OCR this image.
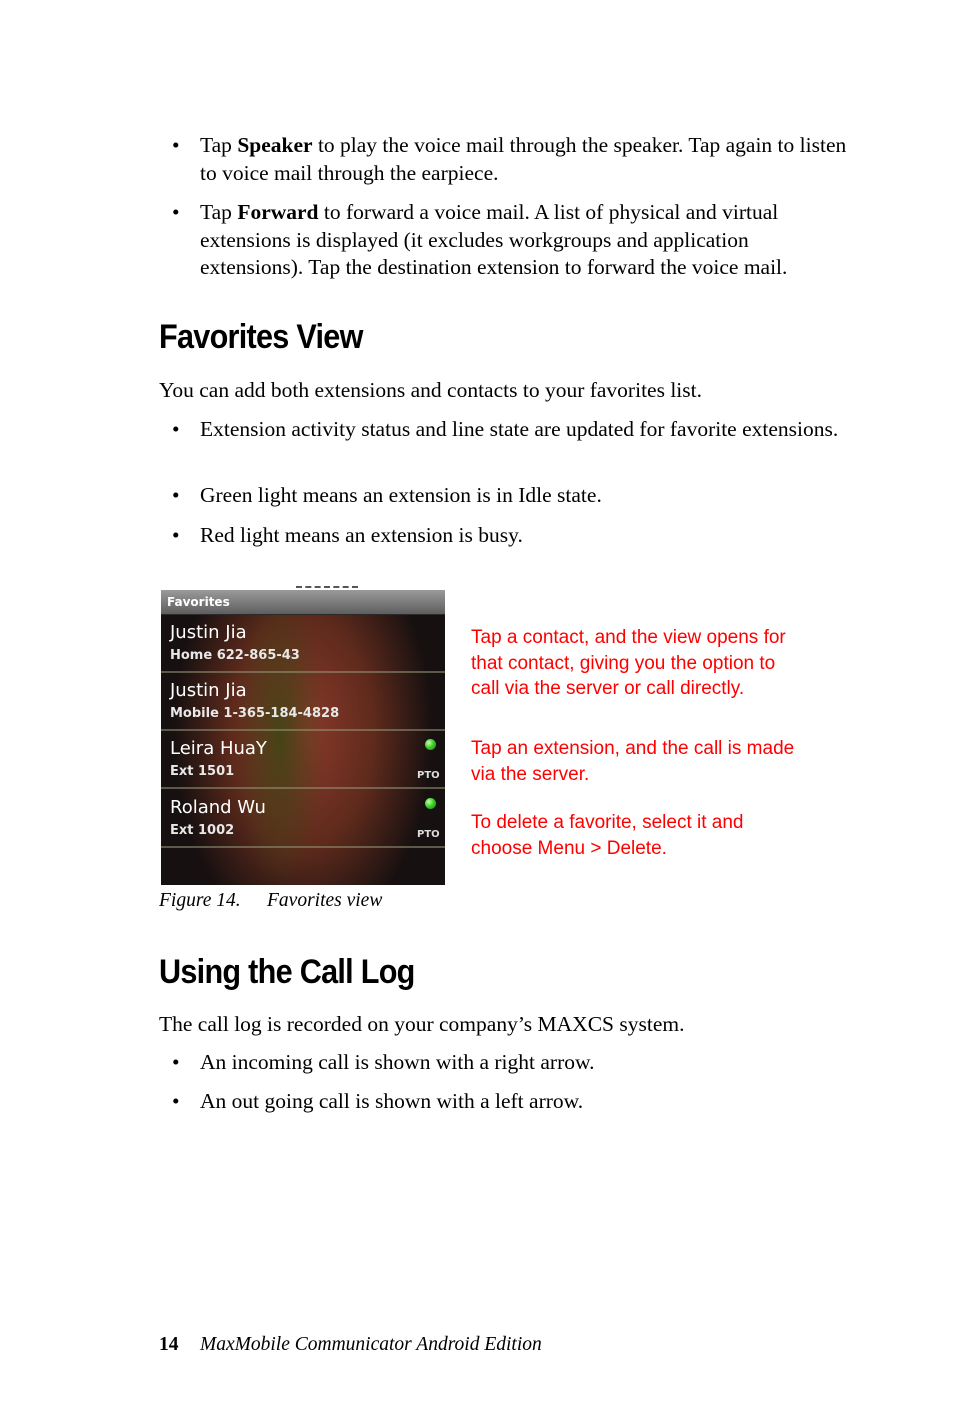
• Tap Speaker to play the voice mail through the speaker. Tap again to listen to voice mail through the earpiece.
• Tap Forward to forward a voice mail. A list of physical and virtual extensions is displayed (it excludes workgroups and application extensions). Tap the destination extension to forward the voice mail.
Favorites View

You can add both extensions and contacts to your favorites list.

• Extension activity status and line state are updated for favorite extensions.
• Green light means an extension is in Idle state.
• Red light means an extension is busy.
Favorites
Justin Jia
Home 622-865-43
Justin Jia
Mobile 1-365-184-4828
Leira HuaY
Ext 1501	PTO
Roland Wu
Ext 1002	PTO

Tap a contact, and the view opens for that contact, giving you the option to call via the server or call directly.

Tap an extension, and the call is made via the server.

To delete a favorite, select it and choose Menu > Delete.

Figure 14. Favorites view

Using the Call Log

The call log is recorded on your company’s MAXCS system.

• An incoming call is shown with a right arrow.
• An out going call is shown with a left arrow.

14 MaxMobile Communicator Android Edition
